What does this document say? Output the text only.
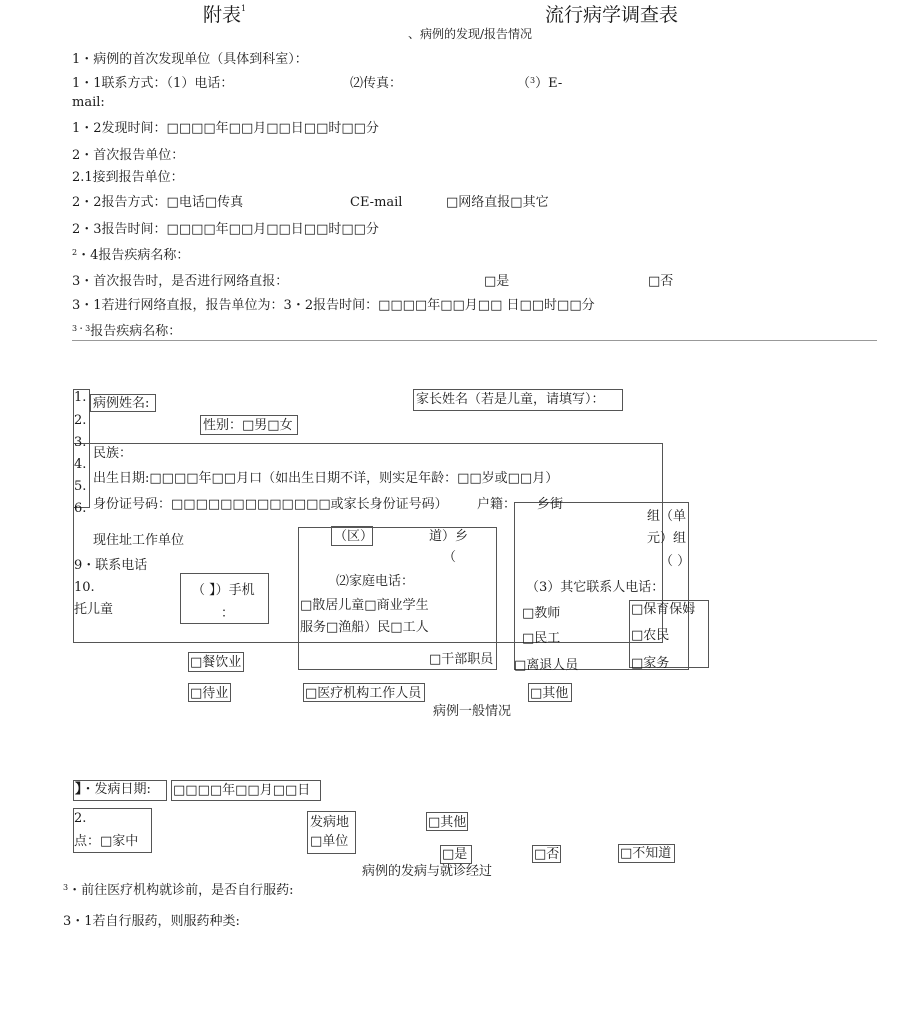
附表$^1$	流行病学调查表
、病例的发现/报告情况
1・病例的首次发现单位（具体到科室）：
1・1联系方式：（1）电话：	⑵传真：	（$^3$）E-
mail:
1・2发现时间：□□□□年□□月□□日□□时□□分
2・首次报告单位：
2.1接到报告单位：
2・2报告方式：□电话□传真	CE-mail	□网络直报□其它
2・3报告时间：□□□□年□□月□□日□□时□□分
$^2$・4报告疾病名称：
3・首次报告时，是否进行网络直报：	□是	□否
3・1若进行网络直报，报告单位为：3・2报告时间：□□□□年□□月□□ 日□□时□□分
$^{3・3}$报告疾病名称：
1.
2.
3.
4.
5.
6.
病例姓名:	家长姓名（若是儿童，请填写）：
性别：□男□女
民族：
出生日期:□□□□年□□月口（如出生日期不详，则实足年龄：□□岁或□□月）
身份证号码：□□□□□□□□□□□□□或家长身份证号码） 户籍： 乡街
组（单
元）组
（ ）
现住址工作单位	（区）	道）乡
（
9・联系电话
10.
托儿童
（ 】）手机
：
⑵家庭电话：	（3）其它联系人电话：
□散居儿童□商业学生
服务□渔船）民□工人
□教师	□保育保姆
□民工	□农民
□餐饮业	□干部职员 □离退人员	□家务
□待业	□医疗机构工作人员	□其他
病例一般情况
】・发病日期: □□□□年□□月□□日
2.
点：□家中
发病地
□单位
□其他
□是	□否	□不知道
病例的发病与就诊经过
$^3$・前往医疗机构就诊前，是否自行服药:
3・1若自行服药，则服药种类:
